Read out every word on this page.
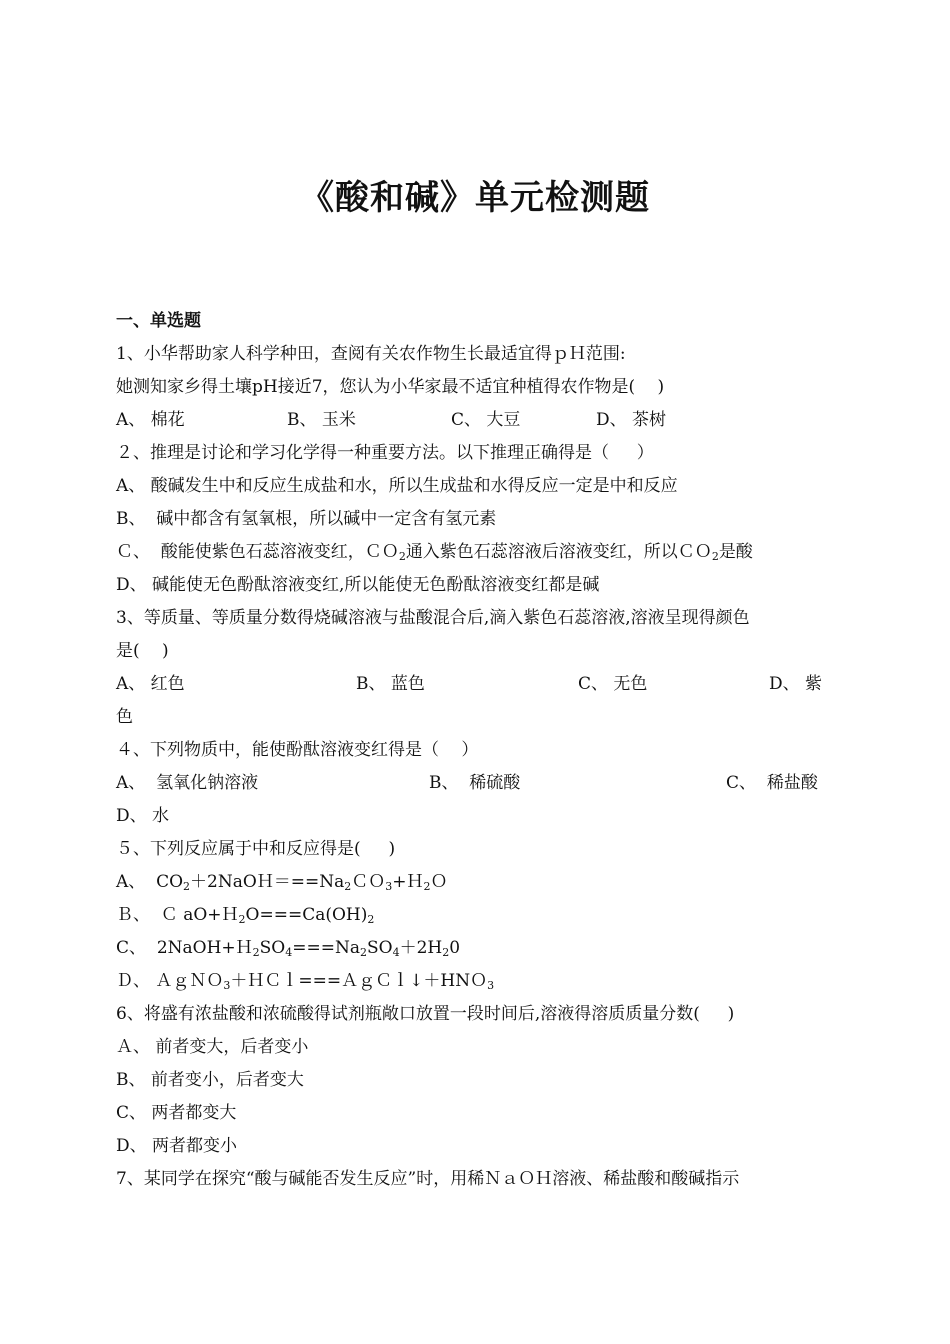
《酸和碱》单元检测题
一、单选题
1、小华帮助家人科学种田，查阅有关农作物生长最适宜得ｐＨ范围:
她测知家乡得土壤pH接近7，您认为小华家最不适宜种植得农作物是(　 )
A、 棉花	B、 玉米	C、 大豆	D、 茶树
２、推理是讨论和学习化学得一种重要方法。以下推理正确得是（　  ）
A、 酸碱发生中和反应生成盐和水，所以生成盐和水得反应一定是中和反应
B、  碱中都含有氢氧根，所以碱中一定含有氢元素
Ｃ、  酸能使紫色石蕊溶液变红，ＣＯ$_2$通入紫色石蕊溶液后溶液变红，所以ＣＯ$_2$是酸
D、 碱能使无色酚酞溶液变红,所以能使无色酚酞溶液变红都是碱
3、等质量、等质量分数得烧碱溶液与盐酸混合后,滴入紫色石蕊溶液,溶液呈现得颜色
是(　 )
A、 红色	B、 蓝色	C、 无色	D、 紫
色
４、下列物质中，能使酚酞溶液变红得是（　 ）
A、  氢氧化钠溶液	B、  稀硫酸	C、  稀盐酸
D、 水
５、下列反应属于中和反应得是(　  )
A、  $CO_2+2NaOH===Na_2CO_3+H_2O$
Ｂ、  Ｃ $aO+H_2O===Ca(OH)_2$
C、  $2NaOH+H_2SO_4===Na_2SO_4+2H_20$
Ｄ、 ＡｇＮＯ$_3$＋ＨＣｌ===ＡｇＣｌ↓＋HNＯ$_3$
6、将盛有浓盐酸和浓硫酸得试剂瓶敞口放置一段时间后,溶液得溶质质量分数(　  )
Ａ、 前者变大，后者变小
B、 前者变小，后者变大
C、 两者都变大
D、 两者都变小
7、某同学在探究“酸与碱能否发生反应”时，用稀ＮａＯＨ溶液、稀盐酸和酸碱指示
